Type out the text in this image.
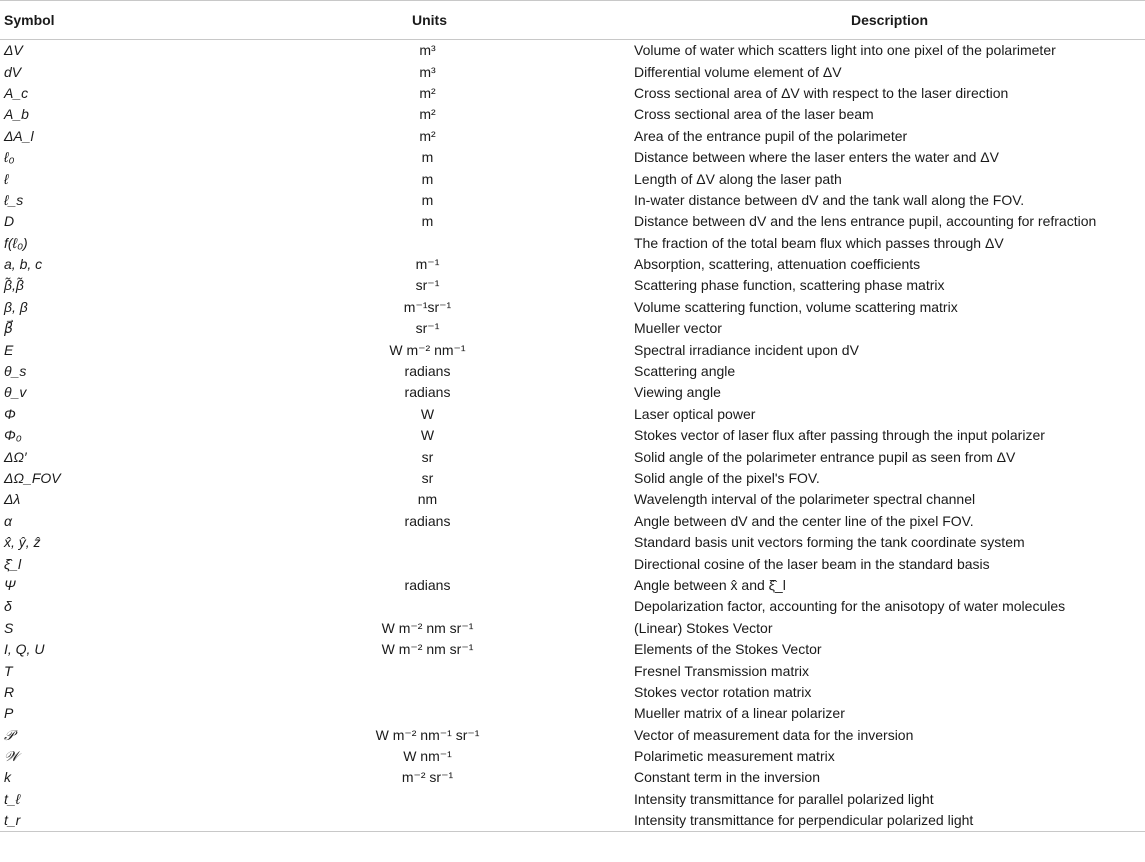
Symbol	Units	Description
ΔV	m³	Volume of water which scatters light into one pixel of the polarimeter
dV	m³	Differential volume element of ΔV
A_c	m²	Cross sectional area of ΔV with respect to the laser direction
A_b	m²	Cross sectional area of the laser beam
ΔA_l	m²	Area of the entrance pupil of the polarimeter
ℓ₀	m	Distance between where the laser enters the water and ΔV
ℓ	m	Length of ΔV along the laser path
ℓ_s	m	In-water distance between dV and the tank wall along the FOV.
D	m	Distance between dV and the lens entrance pupil, accounting for refraction
f(ℓ₀)		The fraction of the total beam flux which passes through ΔV
a, b, c	m⁻¹	Absorption, scattering, attenuation coefficients
β̃,β̃	sr⁻¹	Scattering phase function, scattering phase matrix
β, β	m⁻¹sr⁻¹	Volume scattering function, volume scattering matrix
β⃗	sr⁻¹	Mueller vector
E	W m⁻² nm⁻¹	Spectral irradiance incident upon dV
θ_s	radians	Scattering angle
θ_v	radians	Viewing angle
Φ	W	Laser optical power
Φ₀	W	Stokes vector of laser flux after passing through the input polarizer
ΔΩ′	sr	Solid angle of the polarimeter entrance pupil as seen from ΔV
ΔΩ_FOV	sr	Solid angle of the pixel's FOV.
Δλ	nm	Wavelength interval of the polarimeter spectral channel
α	radians	Angle between dV and the center line of the pixel FOV.
x̂, ŷ, ẑ		Standard basis unit vectors forming the tank coordinate system
ξ̂_l		Directional cosine of the laser beam in the standard basis
Ψ	radians	Angle between x̂ and ξ̂_l
δ		Depolarization factor, accounting for the anisotopy of water molecules
S	W m⁻² nm sr⁻¹	(Linear) Stokes Vector
I, Q, U	W m⁻² nm sr⁻¹	Elements of the Stokes Vector
T		Fresnel Transmission matrix
R		Stokes vector rotation matrix
P		Mueller matrix of a linear polarizer
𝒫	W m⁻² nm⁻¹ sr⁻¹	Vector of measurement data for the inversion
𝒲	W nm⁻¹	Polarimetic measurement matrix
k	m⁻² sr⁻¹	Constant term in the inversion
t_ℓ		Intensity transmittance for parallel polarized light
t_r		Intensity transmittance for perpendicular polarized light
